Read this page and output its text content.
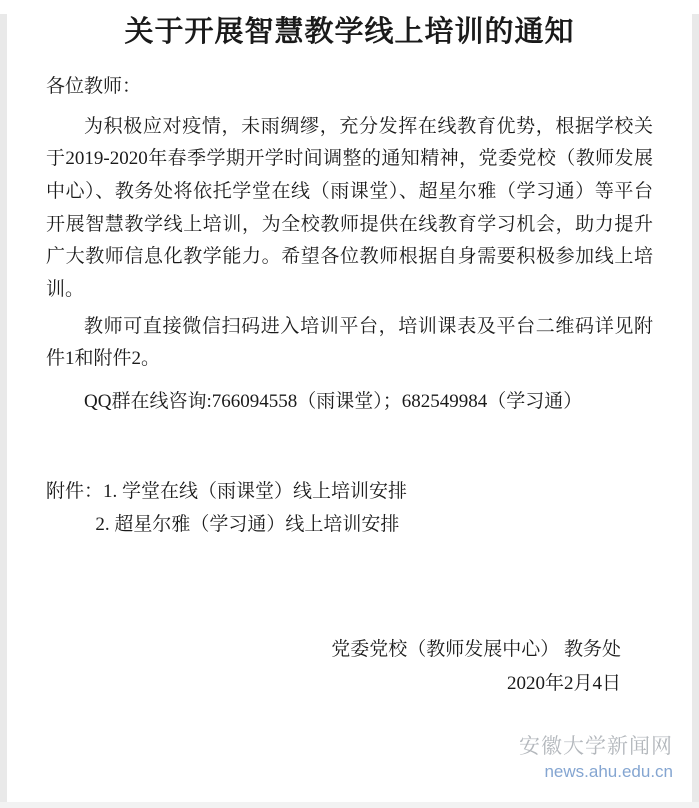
关于开展智慧教学线上培训的通知
各位教师：

为积极应对疫情，未雨绸缪，充分发挥在线教育优势，根据学校关于2019-2020年春季学期开学时间调整的通知精神，党委党校（教师发展中心）、教务处将依托学堂在线（雨课堂）、超星尔雅（学习通）等平台开展智慧教学线上培训，为全校教师提供在线教育学习机会，助力提升广大教师信息化教学能力。希望各位教师根据自身需要积极参加线上培训。

教师可直接微信扫码进入培训平台，培训课表及平台二维码详见附件1和附件2。

QQ群在线咨询:766094558（雨课堂）；682549984（学习通）

附件：1. 学堂在线（雨课堂）线上培训安排
2. 超星尔雅（学习通）线上培训安排
党委党校（教师发展中心） 教务处
2020年2月4日
安徽大学新闻网
news.ahu.edu.cn
